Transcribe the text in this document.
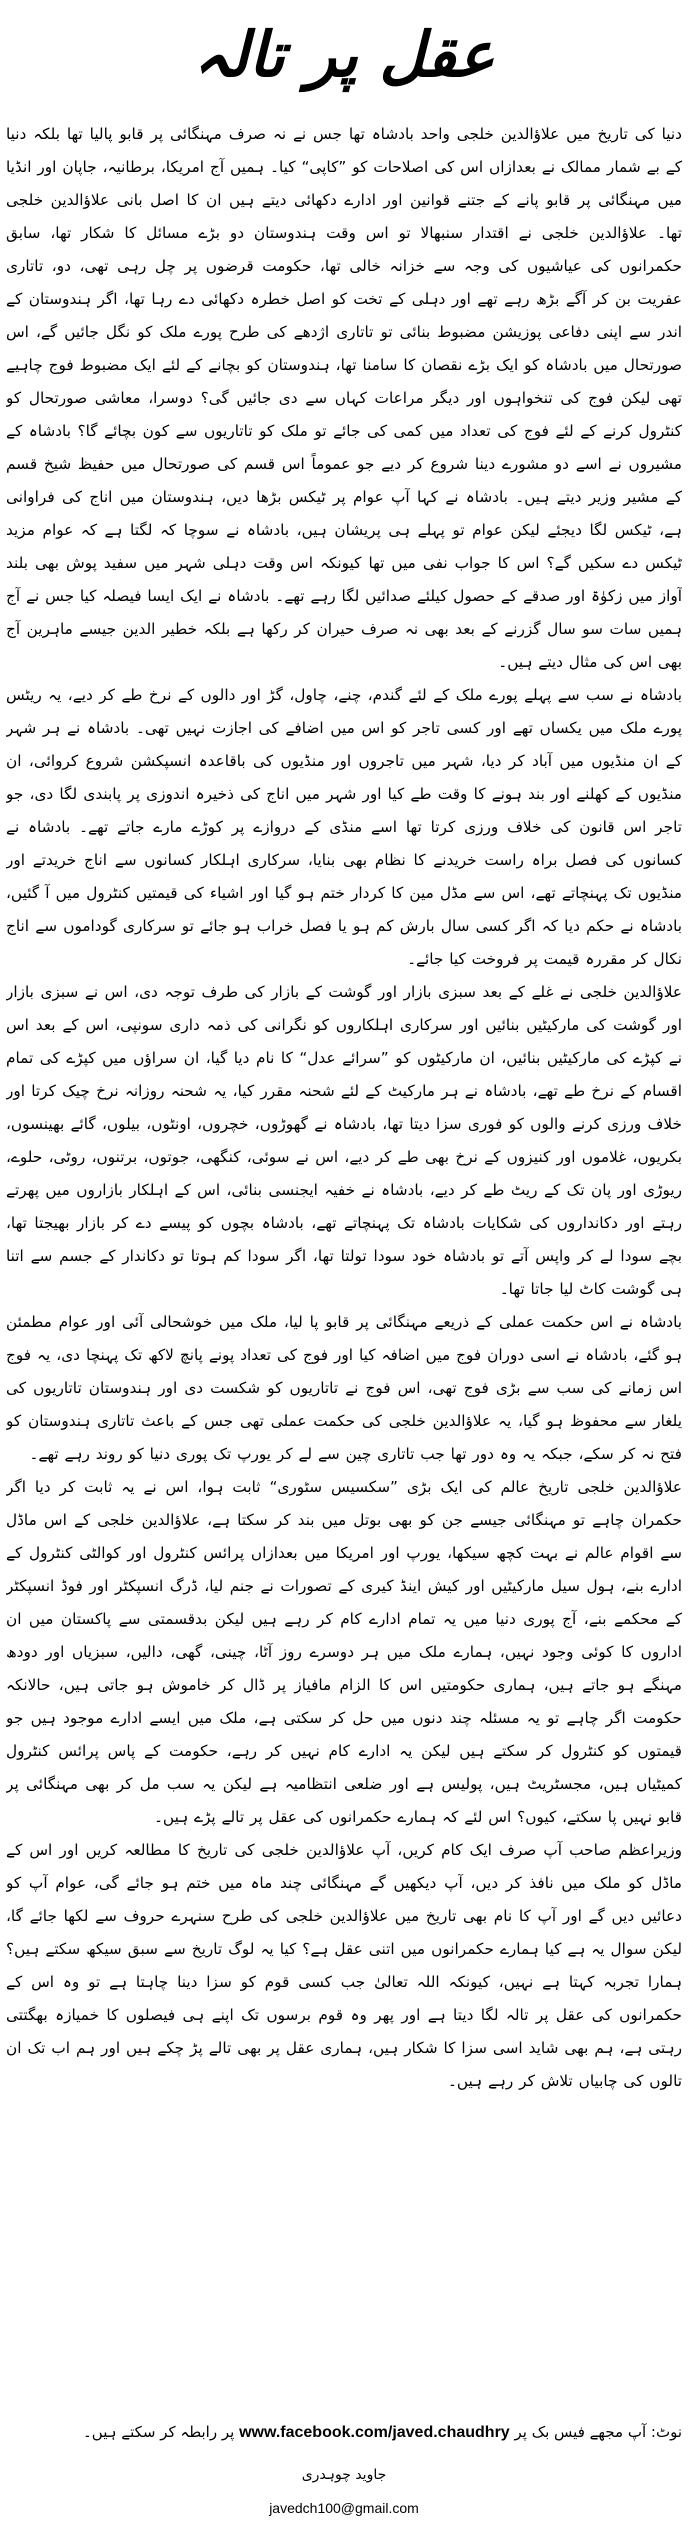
عقل پر تالہ

دنیا کی تاریخ میں علاؤالدین خلجی واحد بادشاہ تھا جس نے نہ صرف مہنگائی پر قابو پالیا تھا بلکہ دنیا کے بے شمار ممالک نے بعدازاں اس کی اصلاحات کو ”کاپی“ کیا۔ ہمیں آج امریکا، برطانیہ، جاپان اور انڈیا میں مہنگائی پر قابو پانے کے جتنے قوانین اور ادارے دکھائی دیتے ہیں ان کا اصل بانی علاؤالدین خلجی تھا۔ علاؤالدین خلجی نے اقتدار سنبھالا تو اس وقت ہندوستان دو بڑے مسائل کا شکار تھا، سابق حکمرانوں کی عیاشیوں کی وجہ سے خزانہ خالی تھا، حکومت قرضوں پر چل رہی تھی، دو، تاتاری عفریت بن کر آگے بڑھ رہے تھے اور دہلی کے تخت کو اصل خطرہ دکھائی دے رہا تھا، اگر ہندوستان کے اندر سے اپنی دفاعی پوزیشن مضبوط بنائی تو تاتاری اژدھے کی طرح پورے ملک کو نگل جائیں گے، اس صورتحال میں بادشاہ کو ایک بڑے نقصان کا سامنا تھا، ہندوستان کو بچانے کے لئے ایک مضبوط فوج چاہیے تھی لیکن فوج کی تنخواہوں اور دیگر مراعات کہاں سے دی جائیں گی؟ دوسرا، معاشی صورتحال کو کنٹرول کرنے کے لئے فوج کی تعداد میں کمی کی جائے تو ملک کو تاتاریوں سے کون بچائے گا؟ بادشاہ کے مشیروں نے اسے دو مشورے دینا شروع کر دیے جو عموماً اس قسم کی صورتحال میں حفیظ شیخ قسم کے مشیر وزیر دیتے ہیں۔ بادشاہ نے کہا آپ عوام پر ٹیکس بڑھا دیں، ہندوستان میں اناج کی فراوانی ہے، ٹیکس لگا دیجئے لیکن عوام تو پہلے ہی پریشان ہیں، بادشاہ نے سوچا کہ لگتا ہے کہ عوام مزید ٹیکس دے سکیں گے؟ اس کا جواب نفی میں تھا کیونکہ اس وقت دہلی شہر میں سفید پوش بھی بلند آواز میں زکوٰۃ اور صدقے کے حصول کیلئے صدائیں لگا رہے تھے۔ بادشاہ نے ایک ایسا فیصلہ کیا جس نے آج ہمیں سات سو سال گزرنے کے بعد بھی نہ صرف حیران کر رکھا ہے بلکہ خطیر الدین جیسے ماہرین آج بھی اس کی مثال دیتے ہیں۔

بادشاہ نے سب سے پہلے پورے ملک کے لئے گندم، چنے، چاول، گڑ اور دالوں کے نرخ طے کر دیے، یہ ریٹس پورے ملک میں یکساں تھے اور کسی تاجر کو اس میں اضافے کی اجازت نہیں تھی۔ بادشاہ نے ہر شہر کے ان منڈیوں میں آباد کر دیا، شہر میں تاجروں اور منڈیوں کی باقاعدہ انسپکشن شروع کروائی، ان منڈیوں کے کھلنے اور بند ہونے کا وقت طے کیا اور شہر میں اناج کی ذخیرہ اندوزی پر پابندی لگا دی، جو تاجر اس قانون کی خلاف ورزی کرتا تھا اسے منڈی کے دروازے پر کوڑے مارے جاتے تھے۔ بادشاہ نے کسانوں کی فصل براہ راست خریدنے کا نظام بھی بنایا، سرکاری اہلکار کسانوں سے اناج خریدتے اور منڈیوں تک پہنچاتے تھے، اس سے مڈل مین کا کردار ختم ہو گیا اور اشیاء کی قیمتیں کنٹرول میں آ گئیں، بادشاہ نے حکم دیا کہ اگر کسی سال بارش کم ہو یا فصل خراب ہو جائے تو سرکاری گوداموں سے اناج نکال کر مقررہ قیمت پر فروخت کیا جائے۔

علاؤالدین خلجی نے غلے کے بعد سبزی بازار اور گوشت کے بازار کی طرف توجہ دی، اس نے سبزی بازار اور گوشت کی مارکیٹیں بنائیں اور سرکاری اہلکاروں کو نگرانی کی ذمہ داری سونپی، اس کے بعد اس نے کپڑے کی مارکیٹیں بنائیں، ان مارکیٹوں کو ”سرائے عدل“ کا نام دیا گیا، ان سراؤں میں کپڑے کی تمام اقسام کے نرخ طے تھے، بادشاہ نے ہر مارکیٹ کے لئے شحنہ مقرر کیا، یہ شحنہ روزانہ نرخ چیک کرتا اور خلاف ورزی کرنے والوں کو فوری سزا دیتا تھا، بادشاہ نے گھوڑوں، خچروں، اونٹوں، بیلوں، گائے بھینسوں، بکریوں، غلاموں اور کنیزوں کے نرخ بھی طے کر دیے، اس نے سوئی، کنگھی، جوتوں، برتنوں، روٹی، حلوے، ریوڑی اور پان تک کے ریٹ طے کر دیے، بادشاہ نے خفیہ ایجنسی بنائی، اس کے اہلکار بازاروں میں پھرتے رہتے اور دکانداروں کی شکایات بادشاہ تک پہنچاتے تھے، بادشاہ بچوں کو پیسے دے کر بازار بھیجتا تھا، بچے سودا لے کر واپس آتے تو بادشاہ خود سودا تولتا تھا، اگر سودا کم ہوتا تو دکاندار کے جسم سے اتنا ہی گوشت کاٹ لیا جاتا تھا۔

بادشاہ نے اس حکمت عملی کے ذریعے مہنگائی پر قابو پا لیا، ملک میں خوشحالی آئی اور عوام مطمئن ہو گئے، بادشاہ نے اسی دوران فوج میں اضافہ کیا اور فوج کی تعداد پونے پانچ لاکھ تک پہنچا دی، یہ فوج اس زمانے کی سب سے بڑی فوج تھی، اس فوج نے تاتاریوں کو شکست دی اور ہندوستان تاتاریوں کی یلغار سے محفوظ ہو گیا، یہ علاؤالدین خلجی کی حکمت عملی تھی جس کے باعث تاتاری ہندوستان کو فتح نہ کر سکے، جبکہ یہ وہ دور تھا جب تاتاری چین سے لے کر یورپ تک پوری دنیا کو روند رہے تھے۔

علاؤالدین خلجی تاریخ عالم کی ایک بڑی ”سکسیس سٹوری“ ثابت ہوا، اس نے یہ ثابت کر دیا اگر حکمران چاہے تو مہنگائی جیسے جن کو بھی بوتل میں بند کر سکتا ہے، علاؤالدین خلجی کے اس ماڈل سے اقوام عالم نے بہت کچھ سیکھا، یورپ اور امریکا میں بعدازاں پرائس کنٹرول اور کوالٹی کنٹرول کے ادارے بنے، ہول سیل مارکیٹیں اور کیش اینڈ کیری کے تصورات نے جنم لیا، ڈرگ انسپکٹر اور فوڈ انسپکٹر کے محکمے بنے، آج پوری دنیا میں یہ تمام ادارے کام کر رہے ہیں لیکن بدقسمتی سے پاکستان میں ان اداروں کا کوئی وجود نہیں، ہمارے ملک میں ہر دوسرے روز آٹا، چینی، گھی، دالیں، سبزیاں اور دودھ مہنگے ہو جاتے ہیں، ہماری حکومتیں اس کا الزام مافیاز پر ڈال کر خاموش ہو جاتی ہیں، حالانکہ حکومت اگر چاہے تو یہ مسئلہ چند دنوں میں حل کر سکتی ہے، ملک میں ایسے ادارے موجود ہیں جو قیمتوں کو کنٹرول کر سکتے ہیں لیکن یہ ادارے کام نہیں کر رہے، حکومت کے پاس پرائس کنٹرول کمیٹیاں ہیں، مجسٹریٹ ہیں، پولیس ہے اور ضلعی انتظامیہ ہے لیکن یہ سب مل کر بھی مہنگائی پر قابو نہیں پا سکتے، کیوں؟ اس لئے کہ ہمارے حکمرانوں کی عقل پر تالے پڑے ہیں۔

وزیراعظم صاحب آپ صرف ایک کام کریں، آپ علاؤالدین خلجی کی تاریخ کا مطالعہ کریں اور اس کے ماڈل کو ملک میں نافذ کر دیں، آپ دیکھیں گے مہنگائی چند ماہ میں ختم ہو جائے گی، عوام آپ کو دعائیں دیں گے اور آپ کا نام بھی تاریخ میں علاؤالدین خلجی کی طرح سنہرے حروف سے لکھا جائے گا، لیکن سوال یہ ہے کیا ہمارے حکمرانوں میں اتنی عقل ہے؟ کیا یہ لوگ تاریخ سے سبق سیکھ سکتے ہیں؟ ہمارا تجربہ کہتا ہے نہیں، کیونکہ اللہ تعالیٰ جب کسی قوم کو سزا دینا چاہتا ہے تو وہ اس کے حکمرانوں کی عقل پر تالہ لگا دیتا ہے اور پھر وہ قوم برسوں تک اپنے ہی فیصلوں کا خمیازہ بھگتتی رہتی ہے، ہم بھی شاید اسی سزا کا شکار ہیں، ہماری عقل پر بھی تالے پڑ چکے ہیں اور ہم اب تک ان تالوں کی چابیاں تلاش کر رہے ہیں۔

نوٹ: آپ مجھے فیس بک پر www.facebook.com/javed.chaudhry پر رابطہ کر سکتے ہیں۔
جاوید چوہدری
javedch100@gmail.com
